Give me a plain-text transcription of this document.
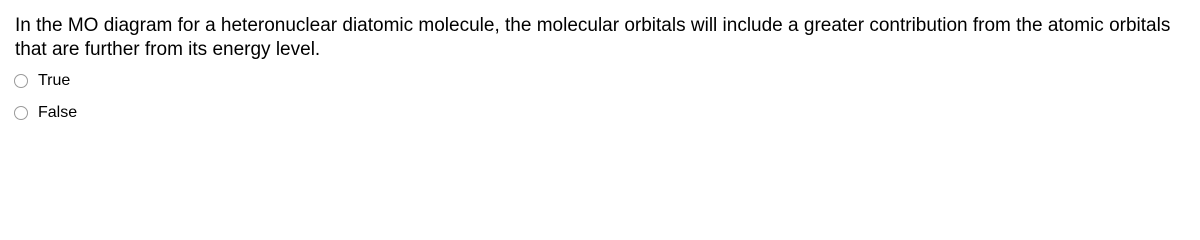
In the MO diagram for a heteronuclear diatomic molecule, the molecular orbitals will include a greater contribution from the atomic orbitals that are further from its energy level.

True
False
